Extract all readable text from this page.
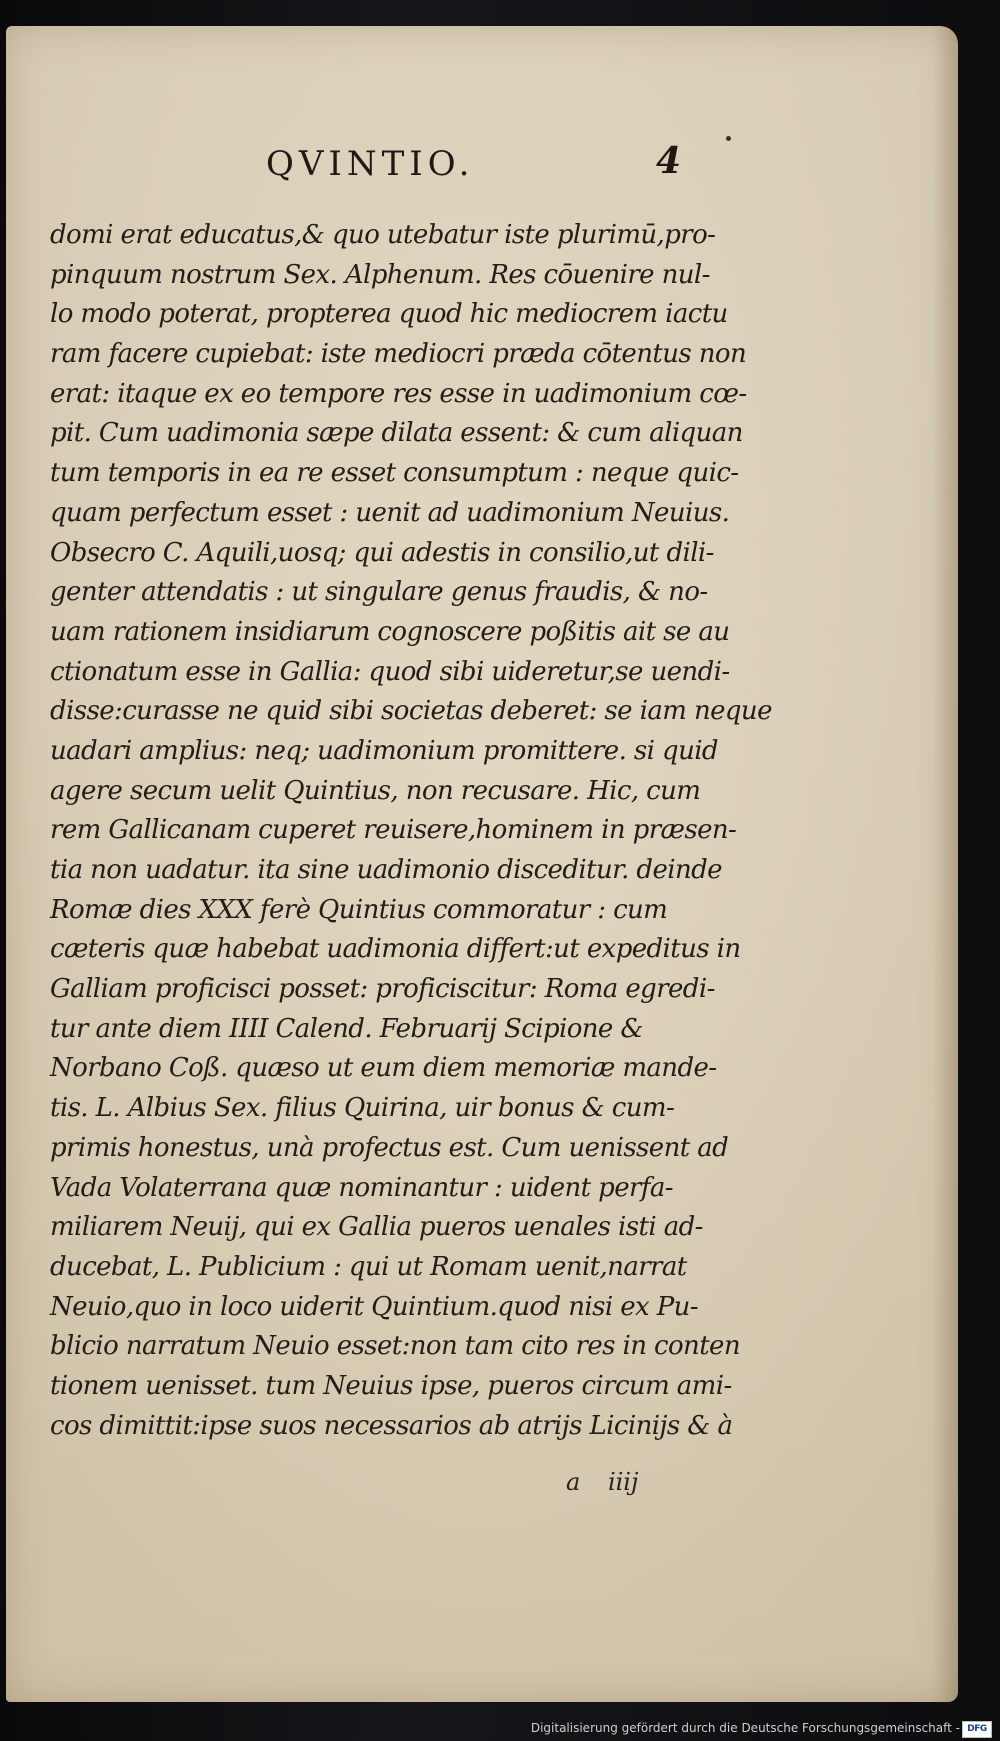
QVINTIO.	4
domi erat educatus,& quo utebatur iste plurimū,pro-
pinquum nostrum Sex. Alphenum. Res cōuenire nul-
lo modo poterat, propterea quod hic mediocrem iactu
ram facere cupiebat: iste mediocri præda cōtentus non
erat: itaque ex eo tempore res esse in uadimonium cœ-
pit. Cum uadimonia sæpe dilata essent: & cum aliquan
tum temporis in ea re esset consumptum : neque quic-
quam perfectum esset : uenit ad uadimonium Neuius.
Obsecro C. Aquili,uosq; qui adestis in consilio,ut dili-
genter attendatis : ut singulare genus fraudis, & no-
uam rationem insidiarum cognoscere poßitis ait se au
ctionatum esse in Gallia: quod sibi uideretur,se uendi-
disse:curasse ne quid sibi societas deberet: se iam neque
uadari amplius: neq; uadimonium promittere. si quid
agere secum uelit Quintius, non recusare. Hic, cum
rem Gallicanam cuperet reuisere,hominem in præsen-
tia non uadatur. ita sine uadimonio disceditur. deinde
Romæ dies XXX ferè Quintius commoratur : cum
cæteris quæ habebat uadimonia differt:ut expeditus in
Galliam proficisci posset: proficiscitur: Roma egredi-
tur ante diem IIII Calend. Februarij Scipione &
Norbano Coß. quæso ut eum diem memoriæ mande-
tis. L. Albius Sex. filius Quirina, uir bonus & cum-
primis honestus, unà profectus est. Cum uenissent ad
Vada Volaterrana quæ nominantur : uident perfa-
miliarem Neuij, qui ex Gallia pueros uenales isti ad-
ducebat, L. Publicium : qui ut Romam uenit,narrat
Neuio,quo in loco uiderit Quintium.quod nisi ex Pu-
blicio narratum Neuio esset:non tam cito res in conten
tionem uenisset. tum Neuius ipse, pueros circum ami-
cos dimittit:ipse suos necessarios ab atrijs Licinijs & à
a iiij
Digitalisierung gefördert durch die Deutsche Forschungsgemeinschaft - DFG
